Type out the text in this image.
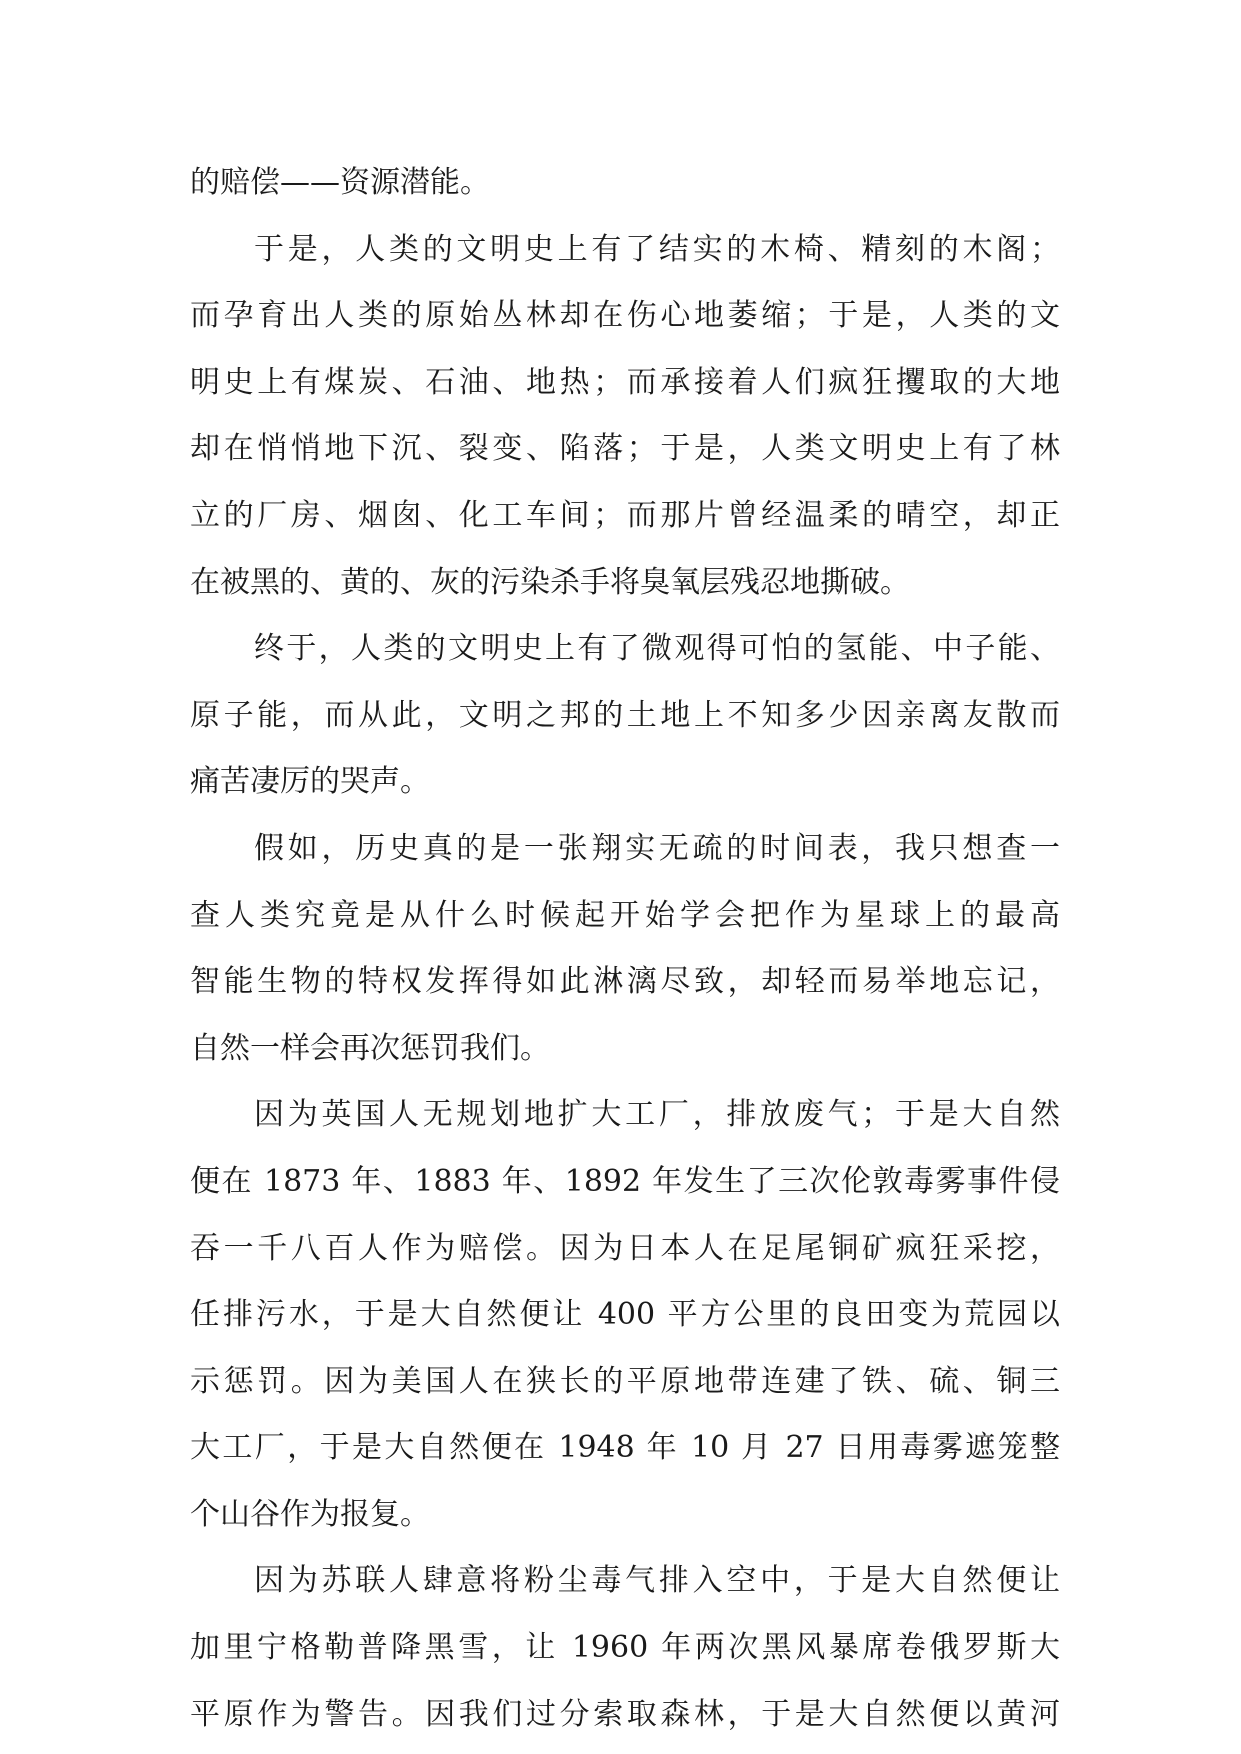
的赔偿——资源潜能。
于是，人类的文明史上有了结实的木椅、精刻的木阁；
而孕育出人类的原始丛林却在伤心地萎缩；于是，人类的文
明史上有煤炭、石油、地热；而承接着人们疯狂攫取的大地
却在悄悄地下沉、裂变、陷落；于是，人类文明史上有了林
立的厂房、烟囱、化工车间；而那片曾经温柔的晴空，却正
在被黑的、黄的、灰的污染杀手将臭氧层残忍地撕破。
终于，人类的文明史上有了微观得可怕的氢能、中子能、
原子能，而从此，文明之邦的土地上不知多少因亲离友散而
痛苦凄厉的哭声。
假如，历史真的是一张翔实无疏的时间表，我只想查一
查人类究竟是从什么时候起开始学会把作为星球上的最高
智能生物的特权发挥得如此淋漓尽致，却轻而易举地忘记，
自然一样会再次惩罚我们。
因为英国人无规划地扩大工厂，排放废气；于是大自然
便在 1873 年、1883 年、1892 年发生了三次伦敦毒雾事件侵
吞一千八百人作为赔偿。因为日本人在足尾铜矿疯狂采挖，
任排污水，于是大自然便让 400 平方公里的良田变为荒园以
示惩罚。因为美国人在狭长的平原地带连建了铁、硫、铜三
大工厂，于是大自然便在 1948 年 10 月 27 日用毒雾遮笼整
个山谷作为报复。
因为苏联人肆意将粉尘毒气排入空中，于是大自然便让
加里宁格勒普降黑雪，让 1960 年两次黑风暴席卷俄罗斯大
平原作为警告。因我们过分索取森林，于是大自然便以黄河
